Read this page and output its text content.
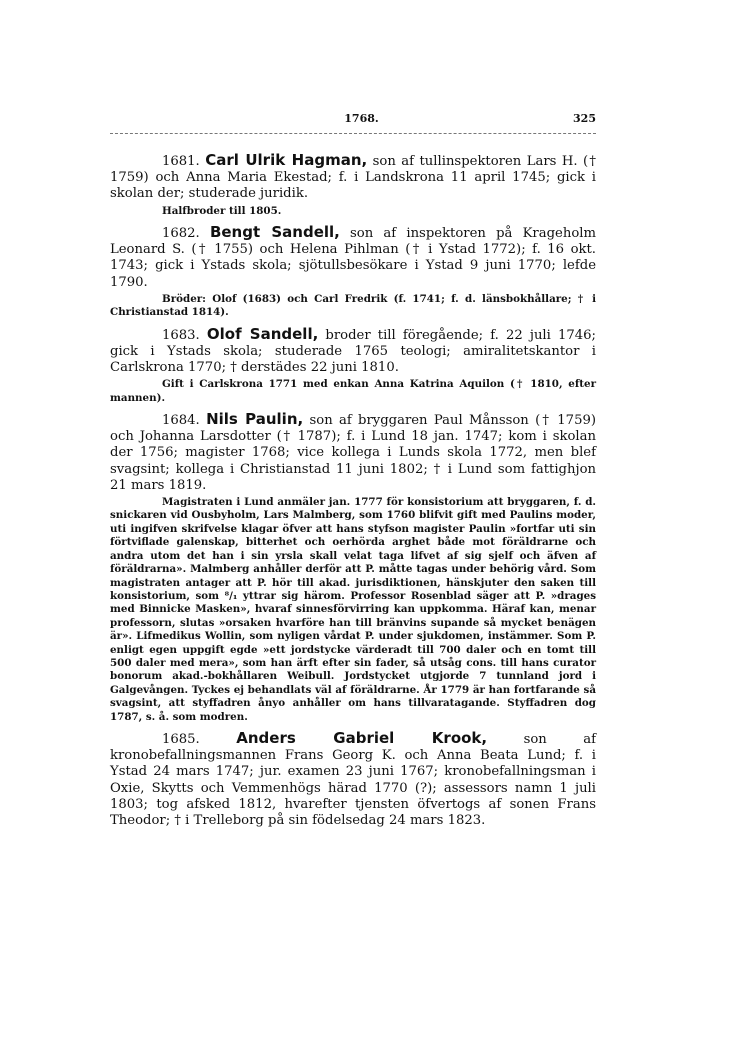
1768.	325

1681. Carl Ulrik Hagman, son af tullinspektoren Lars H. († 1759) och Anna Maria Ekestad; f. i Landskrona 11 april 1745; gick i skolan der; studerade juridik.

Halfbroder till 1805.

1682. Bengt Sandell, son af inspektoren på Krageholm Leonard S. († 1755) och Helena Pihlman († i Ystad 1772); f. 16 okt. 1743; gick i Ystads skola; sjötullsbesökare i Ystad 9 juni 1770; lefde 1790.

Bröder: Olof (1683) och Carl Fredrik (f. 1741; f. d. länsbokhållare; † i Christianstad 1814).

1683. Olof Sandell, broder till föregående; f. 22 juli 1746; gick i Ystads skola; studerade 1765 teologi; amiralitetskantor i Carlskrona 1770; † derstädes 22 juni 1810.

Gift i Carlskrona 1771 med enkan Anna Katrina Aquilon († 1810, efter mannen).

1684. Nils Paulin, son af bryggaren Paul Månsson († 1759) och Johanna Larsdotter († 1787); f. i Lund 18 jan. 1747; kom i skolan der 1756; magister 1768; vice kollega i Lunds skola 1772, men blef svagsint; kollega i Christianstad 11 juni 1802; † i Lund som fattighjon 21 mars 1819.

Magistraten i Lund anmäler jan. 1777 för konsistorium att bryggaren, f. d. snickaren vid Ousbyholm, Lars Malmberg, som 1760 blifvit gift med Paulins moder, uti ingifven skrifvelse klagar öfver att hans styfson magister Paulin »fortfar uti sin förtviflade galenskap, bitterhet och oerhörda arghet både mot föräldrarne och andra utom det han i sin yrsla skall velat taga lifvet af sig sjelf och äfven af föräldrarna». Malmberg anhåller derför att P. måtte tagas under behörig vård. Som magistraten antager att P. hör till akad. jurisdiktionen, hänskjuter den saken till konsistorium, som ⁸/₁ yttrar sig härom. Professor Rosenblad säger att P. »drages med Binnicke Masken», hvaraf sinnesförvirring kan uppkomma. Häraf kan, menar professorn, slutas »orsaken hvarföre han till bränvins supande så mycket benägen är». Lifmedikus Wollin, som nyligen vårdat P. under sjukdomen, instämmer. Som P. enligt egen uppgift egde »ett jordstycke värderadt till 700 daler och en tomt till 500 daler med mera», som han ärft efter sin fader, så utsåg cons. till hans curator bonorum akad.-bokhållaren Weibull. Jordstycket utgjorde 7 tunnland jord i Galgevången. Tyckes ej behandlats väl af föräldrarne. År 1779 är han fortfarande så svagsint, att styffadren ånyo anhåller om hans tillvaratagande. Styffadren dog 1787, s. å. som modren.

1685. Anders Gabriel Krook, son af kronobefallningsmannen Frans Georg K. och Anna Beata Lund; f. i Ystad 24 mars 1747; jur. examen 23 juni 1767; kronobefallningsman i Oxie, Skytts och Vemmenhögs härad 1770 (?); assessors namn 1 juli 1803; tog afsked 1812, hvarefter tjensten öfvertogs af sonen Frans Theodor; † i Trelleborg på sin födelsedag 24 mars 1823.
